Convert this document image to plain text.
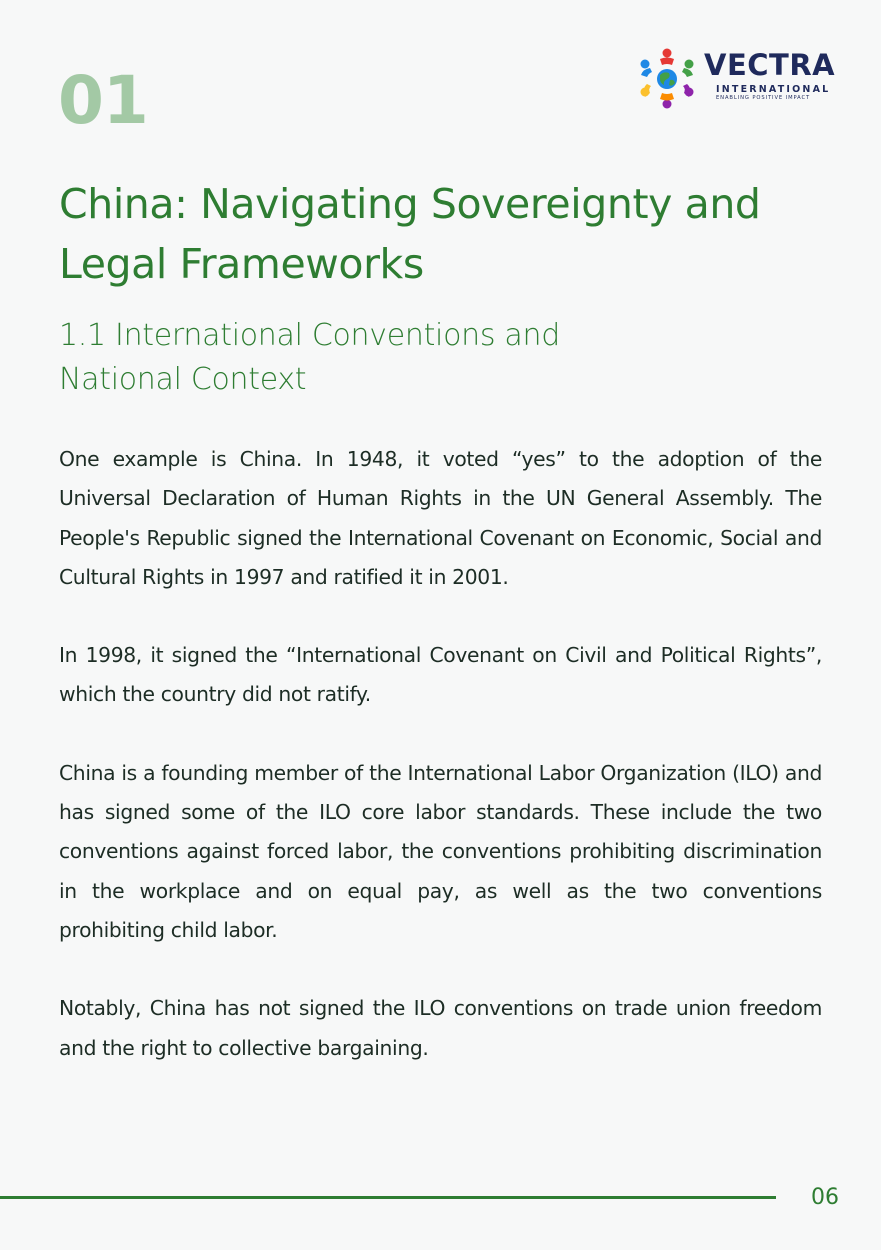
01	VECTRA
INTERNATIONAL
ENABLING POSITIVE IMPACT
China: Navigating Sovereignty and Legal Frameworks
1.1 International Conventions and National Context

One example is China. In 1948, it voted “yes” to the adoption of the Universal Declaration of Human Rights in the UN General Assembly. The People's Republic signed the International Covenant on Economic, Social and Cultural Rights in 1997 and ratified it in 2001.

In 1998, it signed the “International Covenant on Civil and Political Rights”, which the country did not ratify.

China is a founding member of the International Labor Organization (ILO) and has signed some of the ILO core labor standards. These include the two conventions against forced labor, the conventions prohibiting discrimination in the workplace and on equal pay, as well as the two conventions prohibiting child labor.

Notably, China has not signed the ILO conventions on trade union freedom and the right to collective bargaining.

06
